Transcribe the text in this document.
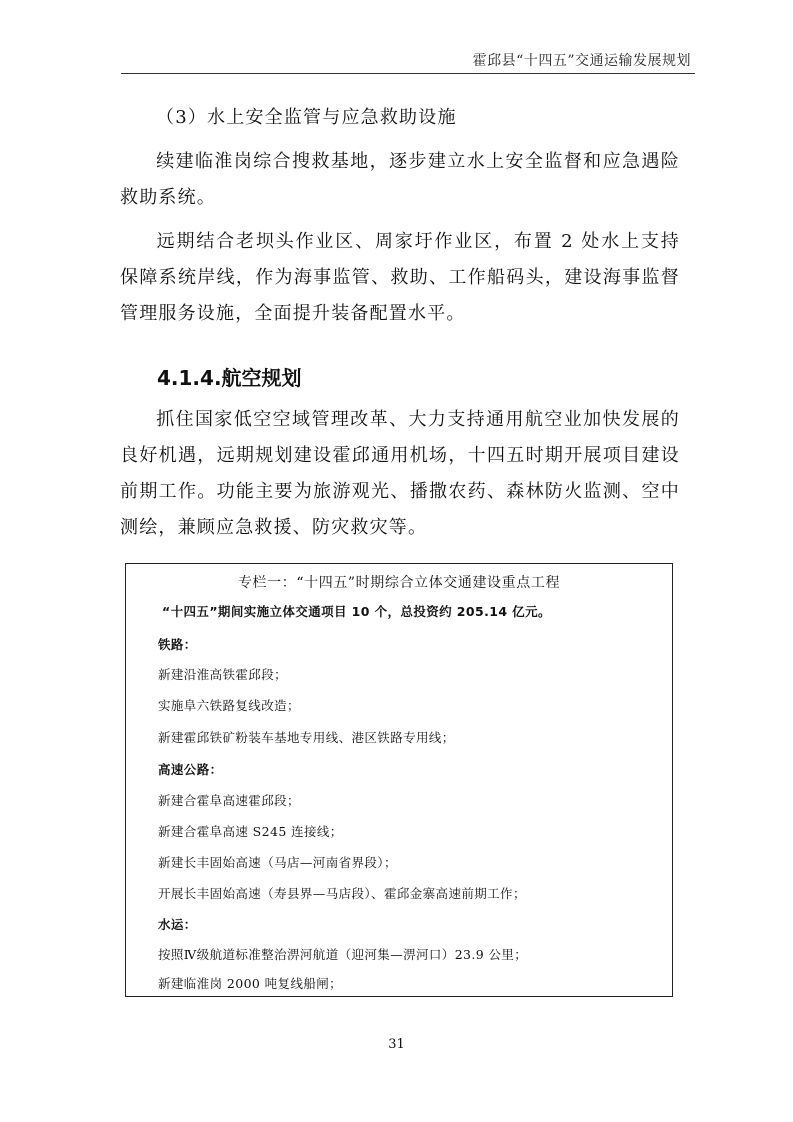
霍邱县“十四五”交通运输发展规划
（3）水上安全监管与应急救助设施

续建临淮岗综合搜救基地，逐步建立水上安全监督和应急遇险救助系统。

远期结合老坝头作业区、周家圩作业区，布置 2 处水上支持保障系统岸线，作为海事监管、救助、工作船码头，建设海事监督管理服务设施，全面提升装备配置水平。

4.1.4.航空规划

抓住国家低空空域管理改革、大力支持通用航空业加快发展的良好机遇，远期规划建设霍邱通用机场，十四五时期开展项目建设前期工作。功能主要为旅游观光、播撒农药、森林防火监测、空中测绘，兼顾应急救援、防灾救灾等。

专栏一：“十四五”时期综合立体交通建设重点工程
“十四五”期间实施立体交通项目 10 个，总投资约 205.14 亿元。
铁路：
新建沿淮高铁霍邱段；
实施阜六铁路复线改造；
新建霍邱铁矿粉装车基地专用线、港区铁路专用线；
高速公路：
新建合霍阜高速霍邱段；
新建合霍阜高速 S245 连接线；
新建长丰固始高速（马店—河南省界段）；
开展长丰固始高速（寿县界—马店段）、霍邱金寨高速前期工作；
水运：
按照Ⅳ级航道标准整治淠河航道（迎河集—淠河口）23.9 公里；
新建临淮岗 2000 吨复线船闸；
31
